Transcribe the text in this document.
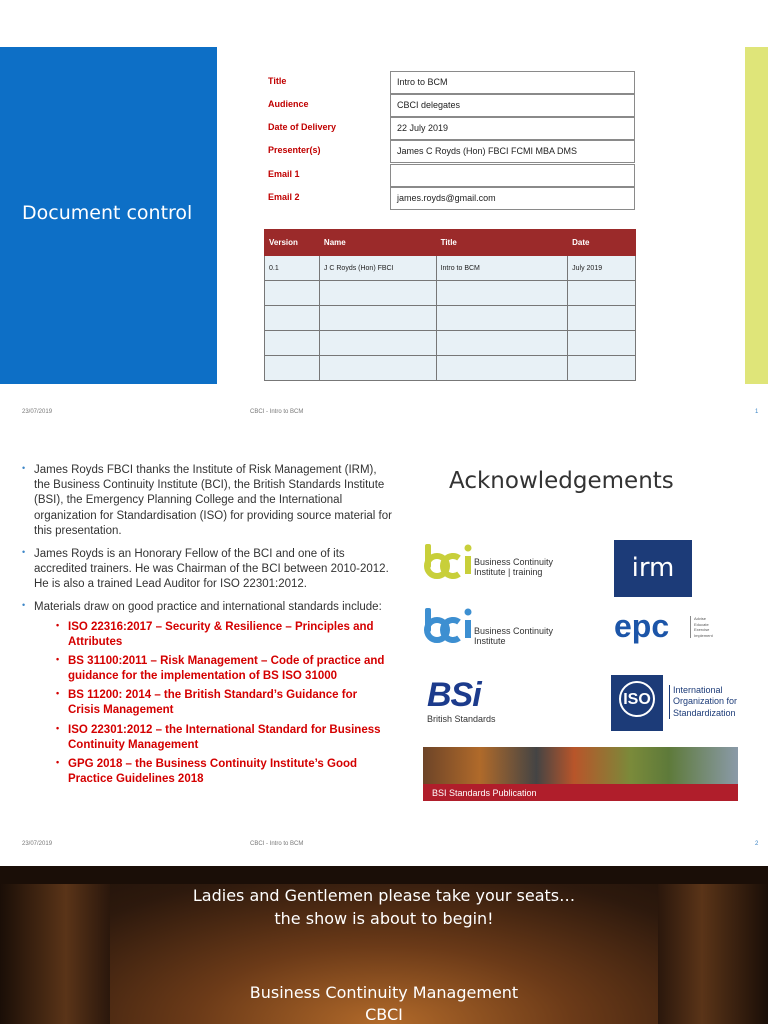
Document control
Title	Intro to BCM
Audience	CBCI delegates
Date of Delivery	22 July 2019
Presenter(s)	James C Royds (Hon) FBCI FCMI MBA DMS
Email 1
Email 2	james.royds@gmail.com
Version	Name	Title	Date
0.1	J C Royds (Hon) FBCI	Intro to BCM	July 2019

23/07/2019	CBCI - Intro to BCM	1
• James Royds FBCI thanks the Institute of Risk Management (IRM), the Business Continuity Institute (BCI), the British Standards Institute (BSI), the Emergency Planning College and the International organization for Standardisation (ISO) for providing source material for this presentation.
• James Royds is an Honorary Fellow of the BCI and one of its accredited trainers. He was Chairman of the BCI between 2010-2012. He is also a trained Lead Auditor for ISO 22301:2012.
• Materials draw on good practice and international standards include:
• ISO 22316:2017 – Security & Resilience – Principles and Attributes
• BS 31100:2011 – Risk Management – Code of practice and guidance for the implementation of BS ISO 31000
• BS 11200: 2014 – the British Standard’s Guidance for Crisis Management
• ISO 22301:2012 – the International Standard for Business Continuity Management
• GPG 2018 – the Business Continuity Institute’s Good Practice Guidelines 2018
Acknowledgements
Business Continuity
Institute | training	irm
Business Continuity
Institute	epc	Advise Educate Exercise Implement
BSi
British Standards
ISO
International
Organization for
Standardization
BSI Standards Publication
23/07/2019	CBCI - Intro to BCM	2
Ladies and Gentlemen please take your seats…
the show is about to begin!
Business Continuity Management
CBCI
